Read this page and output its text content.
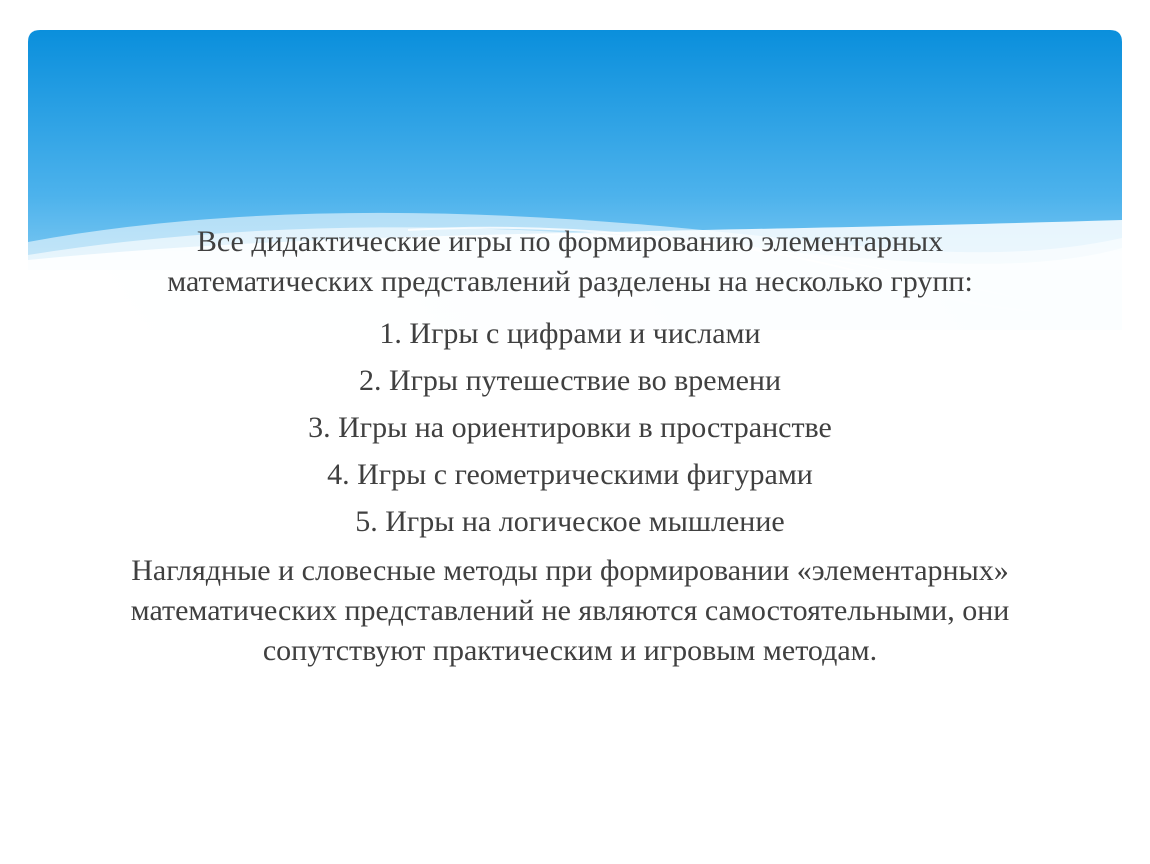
Все дидактические игры по формированию элементарных математических представлений разделены на несколько групп:

1. Игры с цифрами и числами
2. Игры путешествие во времени
3. Игры на ориентировки в пространстве
4. Игры с геометрическими фигурами
5. Игры на логическое мышление

Наглядные и словесные методы при формировании «элементарных» математических представлений не являются самостоятельными, они сопутствуют практическим и игровым методам.
